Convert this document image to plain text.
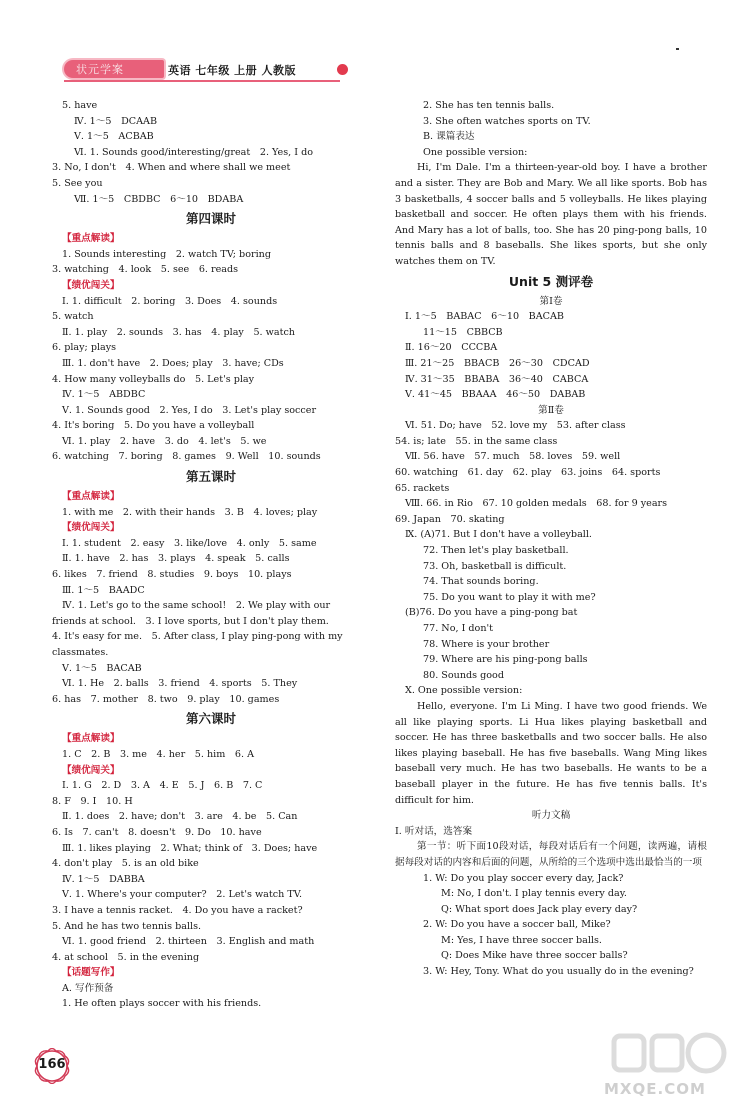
状元学案	英语 七年级 上册 人教版
5. have
Ⅳ. 1～5　DCAAB
Ⅴ. 1～5　ACBAB
Ⅵ. 1. Sounds good/interesting/great　2. Yes, I do
3. No, I don't　4. When and where shall we meet
5. See you
Ⅶ. 1～5　CBDBC　6～10　BDABA
第四课时
【重点解读】
1. Sounds interesting　2. watch TV; boring
3. watching　4. look　5. see　6. reads
【绩优闯关】
Ⅰ. 1. difficult　2. boring　3. Does　4. sounds
5. watch
Ⅱ. 1. play　2. sounds　3. has　4. play　5. watch
6. play; plays
Ⅲ. 1. don't have　2. Does; play　3. have; CDs
4. How many volleyballs do　5. Let's play
Ⅳ. 1～5　ABDBC
Ⅴ. 1. Sounds good　2. Yes, I do　3. Let's play soccer
4. It's boring　5. Do you have a volleyball
Ⅵ. 1. play　2. have　3. do　4. let's　5. we
6. watching　7. boring　8. games　9. Well　10. sounds
第五课时
【重点解读】
1. with me　2. with their hands　3. B　4. loves; play
【绩优闯关】
Ⅰ. 1. student　2. easy　3. like/love　4. only　5. same
Ⅱ. 1. have　2. has　3. plays　4. speak　5. calls
6. likes　7. friend　8. studies　9. boys　10. plays
Ⅲ. 1～5　BAADC
Ⅳ. 1. Let's go to the same school!　2. We play with our
friends at school.　3. I love sports, but I don't play them.
4. It's easy for me.　5. After class, I play ping-pong with my
classmates.
Ⅴ. 1～5　BACAB
Ⅵ. 1. He　2. balls　3. friend　4. sports　5. They
6. has　7. mother　8. two　9. play　10. games
第六课时
【重点解读】
1. C　2. B　3. me　4. her　5. him　6. A
【绩优闯关】
Ⅰ. 1. G　2. D　3. A　4. E　5. J　6. B　7. C
8. F　9. I　10. H
Ⅱ. 1. does　2. have; don't　3. are　4. be　5. Can
6. Is　7. can't　8. doesn't　9. Do　10. have
Ⅲ. 1. likes playing　2. What; think of　3. Does; have
4. don't play　5. is an old bike
Ⅳ. 1～5　DABBA
Ⅴ. 1. Where's your computer?　2. Let's watch TV.
3. I have a tennis racket.　4. Do you have a racket?
5. And he has two tennis balls.
Ⅵ. 1. good friend　2. thirteen　3. English and math
4. at school　5. in the evening
【话题写作】
A. 写作预备
1. He often plays soccer with his friends.
2. She has ten tennis balls.
3. She often watches sports on TV.
B. 课篇表达
One possible version:
Hi, I'm Dale. I'm a thirteen-year-old boy. I have a brother and a sister. They are Bob and Mary. We all like sports. Bob has 3 basketballs, 4 soccer balls and 5 volleyballs. He likes playing basketball and soccer. He often plays them with his friends. And Mary has a lot of balls, too. She has 20 ping-pong balls, 10 tennis balls and 8 baseballs. She likes sports, but she only watches them on TV.
Unit 5 测评卷
第Ⅰ卷
Ⅰ. 1～5　BABAC　6～10　BACAB
11～15　CBBCB
Ⅱ. 16～20　CCCBA
Ⅲ. 21～25　BBACB　26～30　CDCAD
Ⅳ. 31～35　BBABA　36～40　CABCA
Ⅴ. 41～45　BBAAA　46～50　DABAB
第Ⅱ卷
Ⅵ. 51. Do; have　52. love my　53. after class
54. is; late　55. in the same class
Ⅶ. 56. have　57. much　58. loves　59. well
60. watching　61. day　62. play　63. joins　64. sports
65. rackets
Ⅷ. 66. in Rio　67. 10 golden medals　68. for 9 years
69. Japan　70. skating
Ⅸ. (A)71. But I don't have a volleyball.
72. Then let's play basketball.
73. Oh, basketball is difficult.
74. That sounds boring.
75. Do you want to play it with me?
(B)76. Do you have a ping-pong bat
77. No, I don't
78. Where is your brother
79. Where are his ping-pong balls
80. Sounds good
Ⅹ. One possible version:
Hello, everyone. I'm Li Ming. I have two good friends. We all like playing sports. Li Hua likes playing basketball and soccer. He has three basketballs and two soccer balls. He also likes playing baseball. He has five baseballs. Wang Ming likes baseball very much. He has two baseballs. He wants to be a baseball player in the future. He has five tennis balls. It's difficult for him.
听力文稿
Ⅰ. 听对话，选答案
第一节：听下面10段对话，每段对话后有一个问题，读两遍，请根据每段对话的内容和后面的问题，从所给的三个选项中选出最恰当的一项
1. W: Do you play soccer every day, Jack?
M: No, I don't. I play tennis every day.
Q: What sport does Jack play every day?
2. W: Do you have a soccer ball, Mike?
M: Yes, I have three soccer balls.
Q: Does Mike have three soccer balls?
3. W: Hey, Tony. What do you usually do in the evening?
166
MXQE.COM
